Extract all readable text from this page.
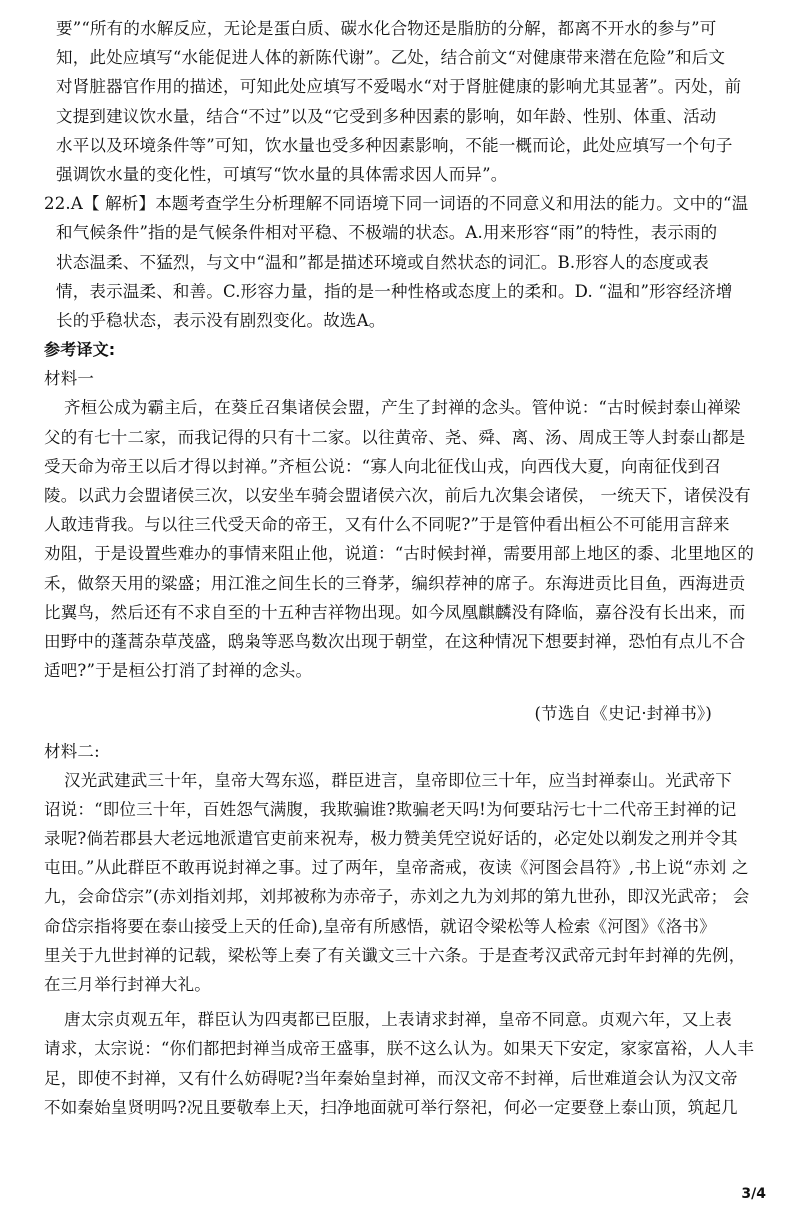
要”“所有的水解反应，无论是蛋白质、碳水化合物还是脂肪的分解，都离不开水的参与”可
知，此处应填写“水能促进人体的新陈代谢”。乙处，结合前文“对健康带来潜在危险”和后文
对肾脏器官作用的描述，可知此处应填写不爱喝水“对于肾脏健康的影响尤其显著”。丙处，前
文提到建议饮水量，结合“不过”以及“它受到多种因素的影响，如年龄、性别、体重、活动
水平以及环境条件等”可知，饮水量也受多种因素影响，不能一概而论，此处应填写一个句子
强调饮水量的变化性，可填写“饮水量的具体需求因人而异”。
22.A【 解析】本题考查学生分析理解不同语境下同一词语的不同意义和用法的能力。文中的“温
和气候条件”指的是气候条件相对平稳、不极端的状态。A.用来形容“雨”的特性，表示雨的
状态温柔、不猛烈，与文中“温和”都是描述环境或自然状态的词汇。B.形容人的态度或表
情，表示温柔、和善。C.形容力量，指的是一种性格或态度上的柔和。D. “温和”形容经济增
长的乎稳状态，表示没有剧烈变化。故选A。
参考译文:
材料一
齐桓公成为霸主后，在葵丘召集诸侯会盟，产生了封禅的念头。管仲说：“古时候封泰山禅梁
父的有七十二家，而我记得的只有十二家。以往黄帝、尧、舜、离、汤、周成王等人封泰山都是
受天命为帝王以后才得以封禅。”齐桓公说：“寡人向北征伐山戎，向西伐大夏，向南征伐到召
陵。以武力会盟诸侯三次，以安坐车骑会盟诸侯六次，前后九次集会诸侯， 一统天下，诸侯没有
人敢违背我。与以往三代受天命的帝王，又有什么不同呢?”于是管仲看出桓公不可能用言辞来
劝阻，于是设置些难办的事情来阻止他，说道：“古时候封禅，需要用部上地区的黍、北里地区的
禾，做祭天用的粱盛；用江淮之间生长的三脊茅，编织荐神的席子。东海进贡比目鱼，西海进贡
比翼鸟，然后还有不求自至的十五种吉祥物出现。如今凤凰麒麟没有降临，嘉谷没有长出来，而
田野中的蓬蒿杂草茂盛，鸱枭等恶鸟数次出现于朝堂，在这种情况下想要封禅，恐怕有点儿不合
适吧?”于是桓公打消了封禅的念头。
(节选自《史记·封禅书》)
材料二:
汉光武建武三十年，皇帝大驾东巡，群臣进言，皇帝即位三十年，应当封禅泰山。光武帝下
诏说：“即位三十年，百姓怨气满腹，我欺骗谁?欺骗老天吗!为何要玷污七十二代帝王封禅的记
录呢?倘若郡县大老远地派遣官吏前来祝寿，极力赞美凭空说好话的，必定处以剃发之刑并令其
屯田。”从此群臣不敢再说封禅之事。过了两年，皇帝斋戒，夜读《河图会昌符》,书上说“赤刘 之
九，会命岱宗”(赤刘指刘邦，刘邦被称为赤帝子，赤刘之九为刘邦的第九世孙，即汉光武帝； 会
命岱宗指将要在泰山接受上天的任命),皇帝有所感悟，就诏令梁松等人检索《河图》《洛书》
里关于九世封禅的记载，梁松等上奏了有关谶文三十六条。于是查考汉武帝元封年封禅的先例，
在三月举行封禅大礼。
唐太宗贞观五年，群臣认为四夷都已臣服，上表请求封禅，皇帝不同意。贞观六年，又上表
请求，太宗说：“你们都把封禅当成帝王盛事，朕不这么认为。如果天下安定，家家富裕，人人丰
足，即使不封禅，又有什么妨碍呢?当年秦始皇封禅，而汉文帝不封禅，后世难道会认为汉文帝
不如秦始皇贤明吗?况且要敬奉上天，扫净地面就可举行祭祀，何必一定要登上泰山顶，筑起几
3/4
